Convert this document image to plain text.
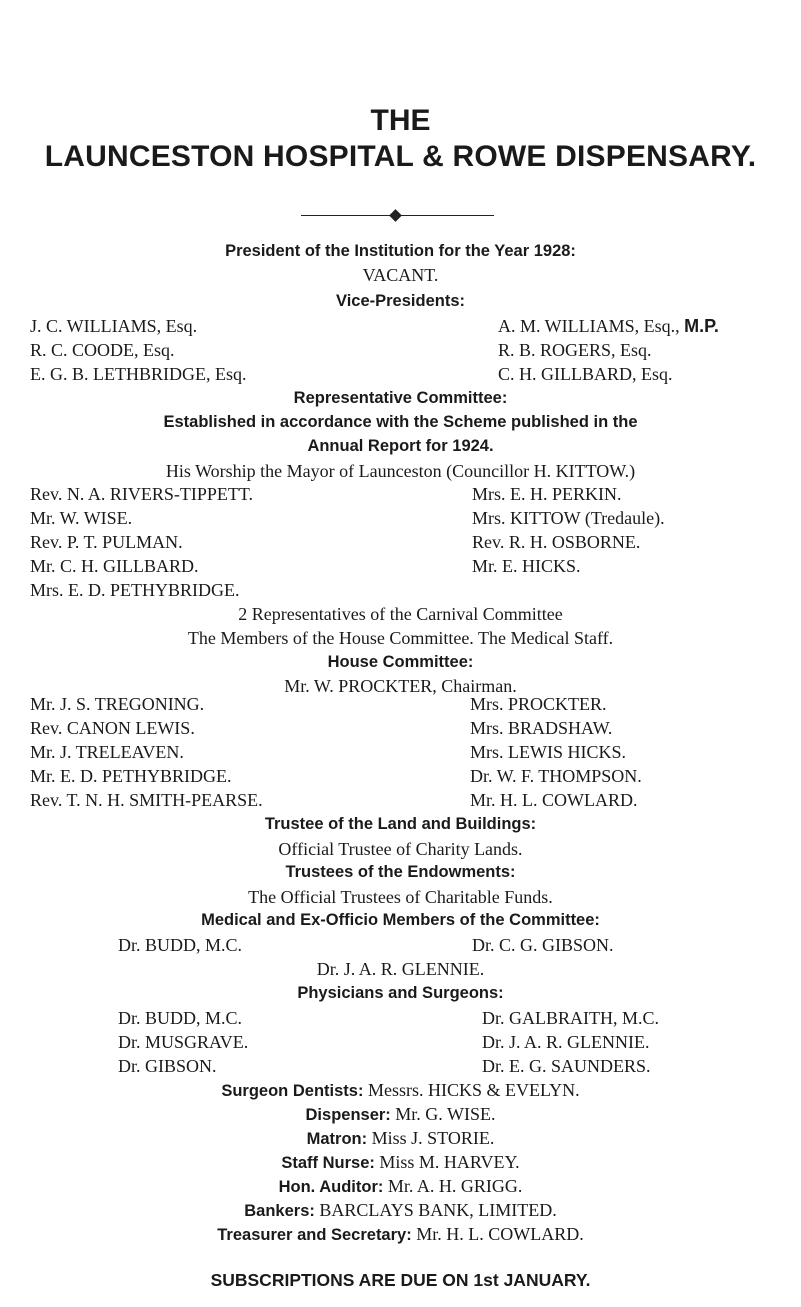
THE
LAUNCESTON HOSPITAL & ROWE DISPENSARY.
President of the Institution for the Year 1928:
VACANT.
Vice-Presidents:
J. C. WILLIAMS, Esq.
R. C. COODE, Esq.
E. G. B. LETHBRIDGE, Esq.
A. M. WILLIAMS, Esq., M.P.
R. B. ROGERS, Esq.
C. H. GILLBARD, Esq.
Representative Committee:
Established in accordance with the Scheme published in the
Annual Report for 1924.
His Worship the Mayor of Launceston (Councillor H. KITTOW.)
Rev. N. A. RIVERS-TIPPETT.
Mr. W. WISE.
Rev. P. T. PULMAN.
Mr. C. H. GILLBARD.
Mrs. E. D. PETHYBRIDGE.
Mrs. E. H. PERKIN.
Mrs. KITTOW (Tredaule).
Rev. R. H. OSBORNE.
Mr. E. HICKS.
2 Representatives of the Carnival Committee
The Members of the House Committee. The Medical Staff.
House Committee:
Mr. W. PROCKTER, Chairman.
Mr. J. S. TREGONING.
Rev. CANON LEWIS.
Mr. J. TRELEAVEN.
Mr. E. D. PETHYBRIDGE.
Rev. T. N. H. SMITH-PEARSE.
Mrs. PROCKTER.
Mrs. BRADSHAW.
Mrs. LEWIS HICKS.
Dr. W. F. THOMPSON.
Mr. H. L. COWLARD.
Trustee of the Land and Buildings:
Official Trustee of Charity Lands.
Trustees of the Endowments:
The Official Trustees of Charitable Funds.
Medical and Ex-Officio Members of the Committee:
Dr. BUDD, M.C.	Dr. C. G. GIBSON.
Dr. J. A. R. GLENNIE.
Physicians and Surgeons:
Dr. BUDD, M.C.
Dr. MUSGRAVE.
Dr. GIBSON.
Dr. GALBRAITH, M.C.
Dr. J. A. R. GLENNIE.
Dr. E. G. SAUNDERS.
Surgeon Dentists: Messrs. HICKS & EVELYN.
Dispenser: Mr. G. WISE.
Matron: Miss J. STORIE.
Staff Nurse: Miss M. HARVEY.
Hon. Auditor: Mr. A. H. GRIGG.
Bankers: BARCLAYS BANK, LIMITED.
Treasurer and Secretary: Mr. H. L. COWLARD.
SUBSCRIPTIONS ARE DUE ON 1st JANUARY.
